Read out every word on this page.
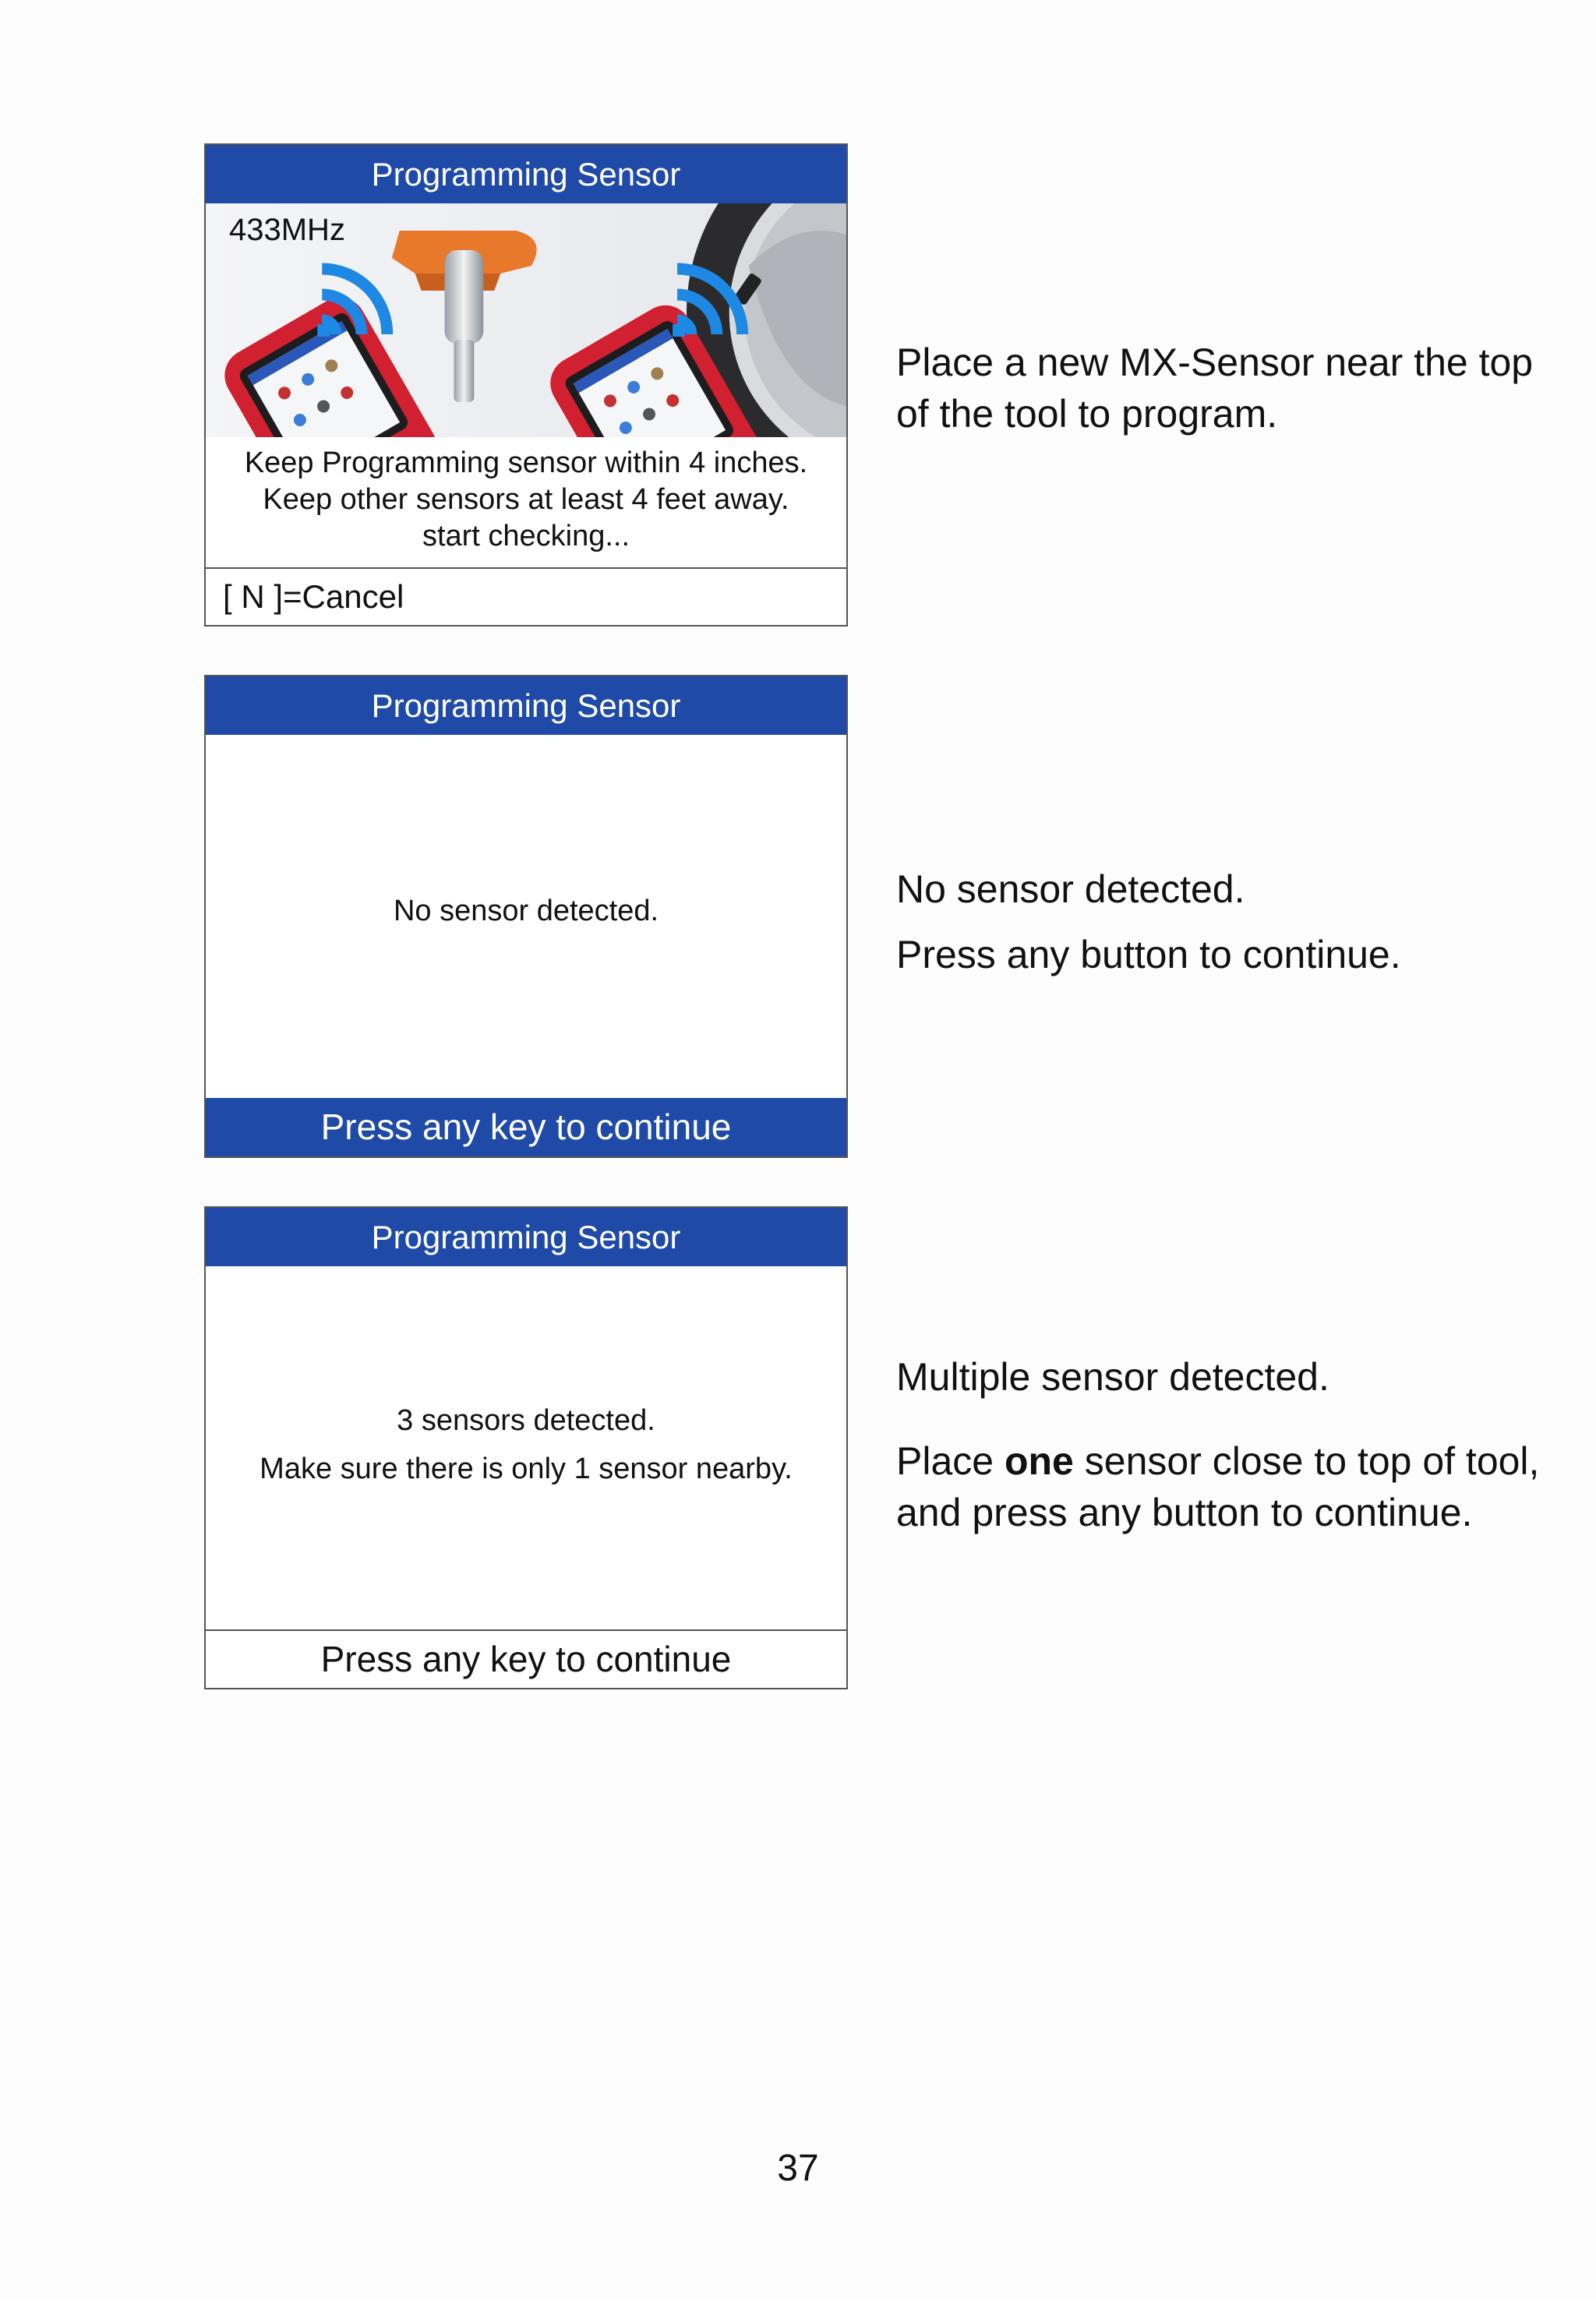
Programming Sensor
433MHz
Keep Programming sensor within 4 inches.
Keep other sensors at least 4 feet away.
start checking...
[ N ]=Cancel
Programming Sensor
No sensor detected.
Press any key to continue
Programming Sensor
3 sensors detected.
Make sure there is only 1 sensor nearby.
Press any key to continue

Place a new MX-Sensor near the top of the tool to program.

No sensor detected.

Press any button to continue.

Multiple sensor detected.

Place one sensor close to top of tool, and press any button to continue.

37
